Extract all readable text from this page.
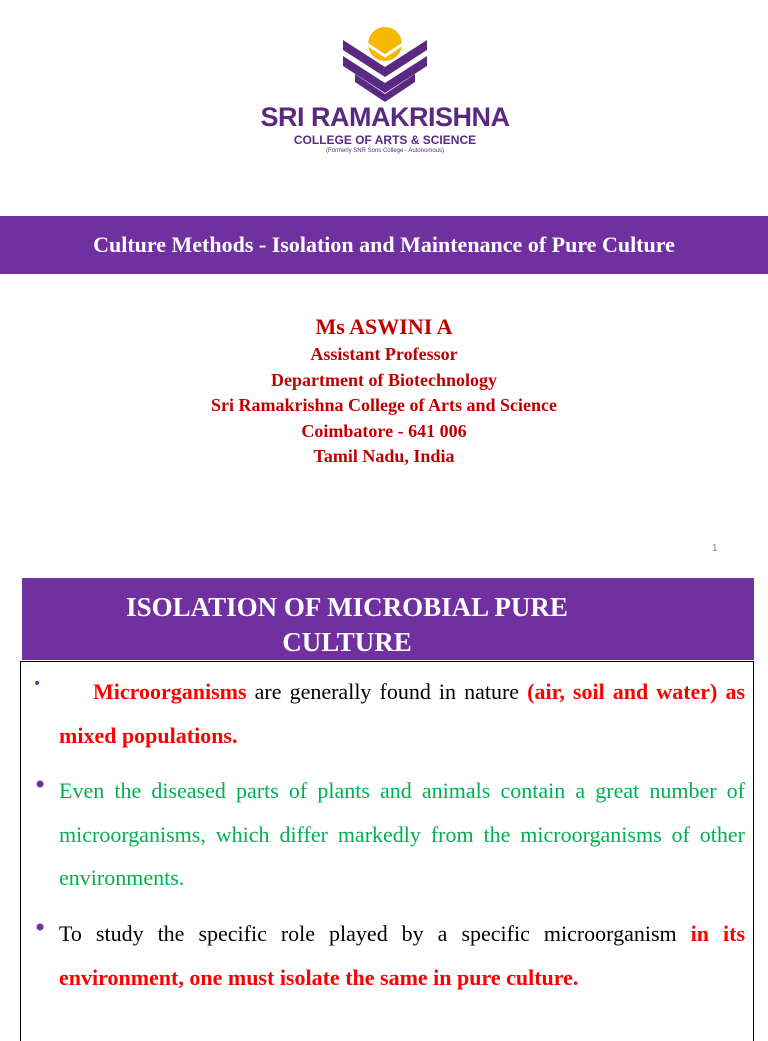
SRI RAMAKRISHNA
COLLEGE OF ARTS & SCIENCE
(Formerly SNR Sons College - Autonomous)
Culture Methods - Isolation and Maintenance of Pure Culture
Ms ASWINI A
Assistant Professor
Department of Biotechnology
Sri Ramakrishna College of Arts and Science
Coimbatore - 641 006
Tamil Nadu, India
1
ISOLATION OF MICROBIAL PURE
CULTURE
•	Microorganisms are generally found in nature (air, soil and water) as mixed populations.
• Even the diseased parts of plants and animals contain a great number of microorganisms, which differ markedly from the microorganisms of other environments.
• To study the specific role played by a specific microorganism in its environment, one must isolate the same in pure culture.
